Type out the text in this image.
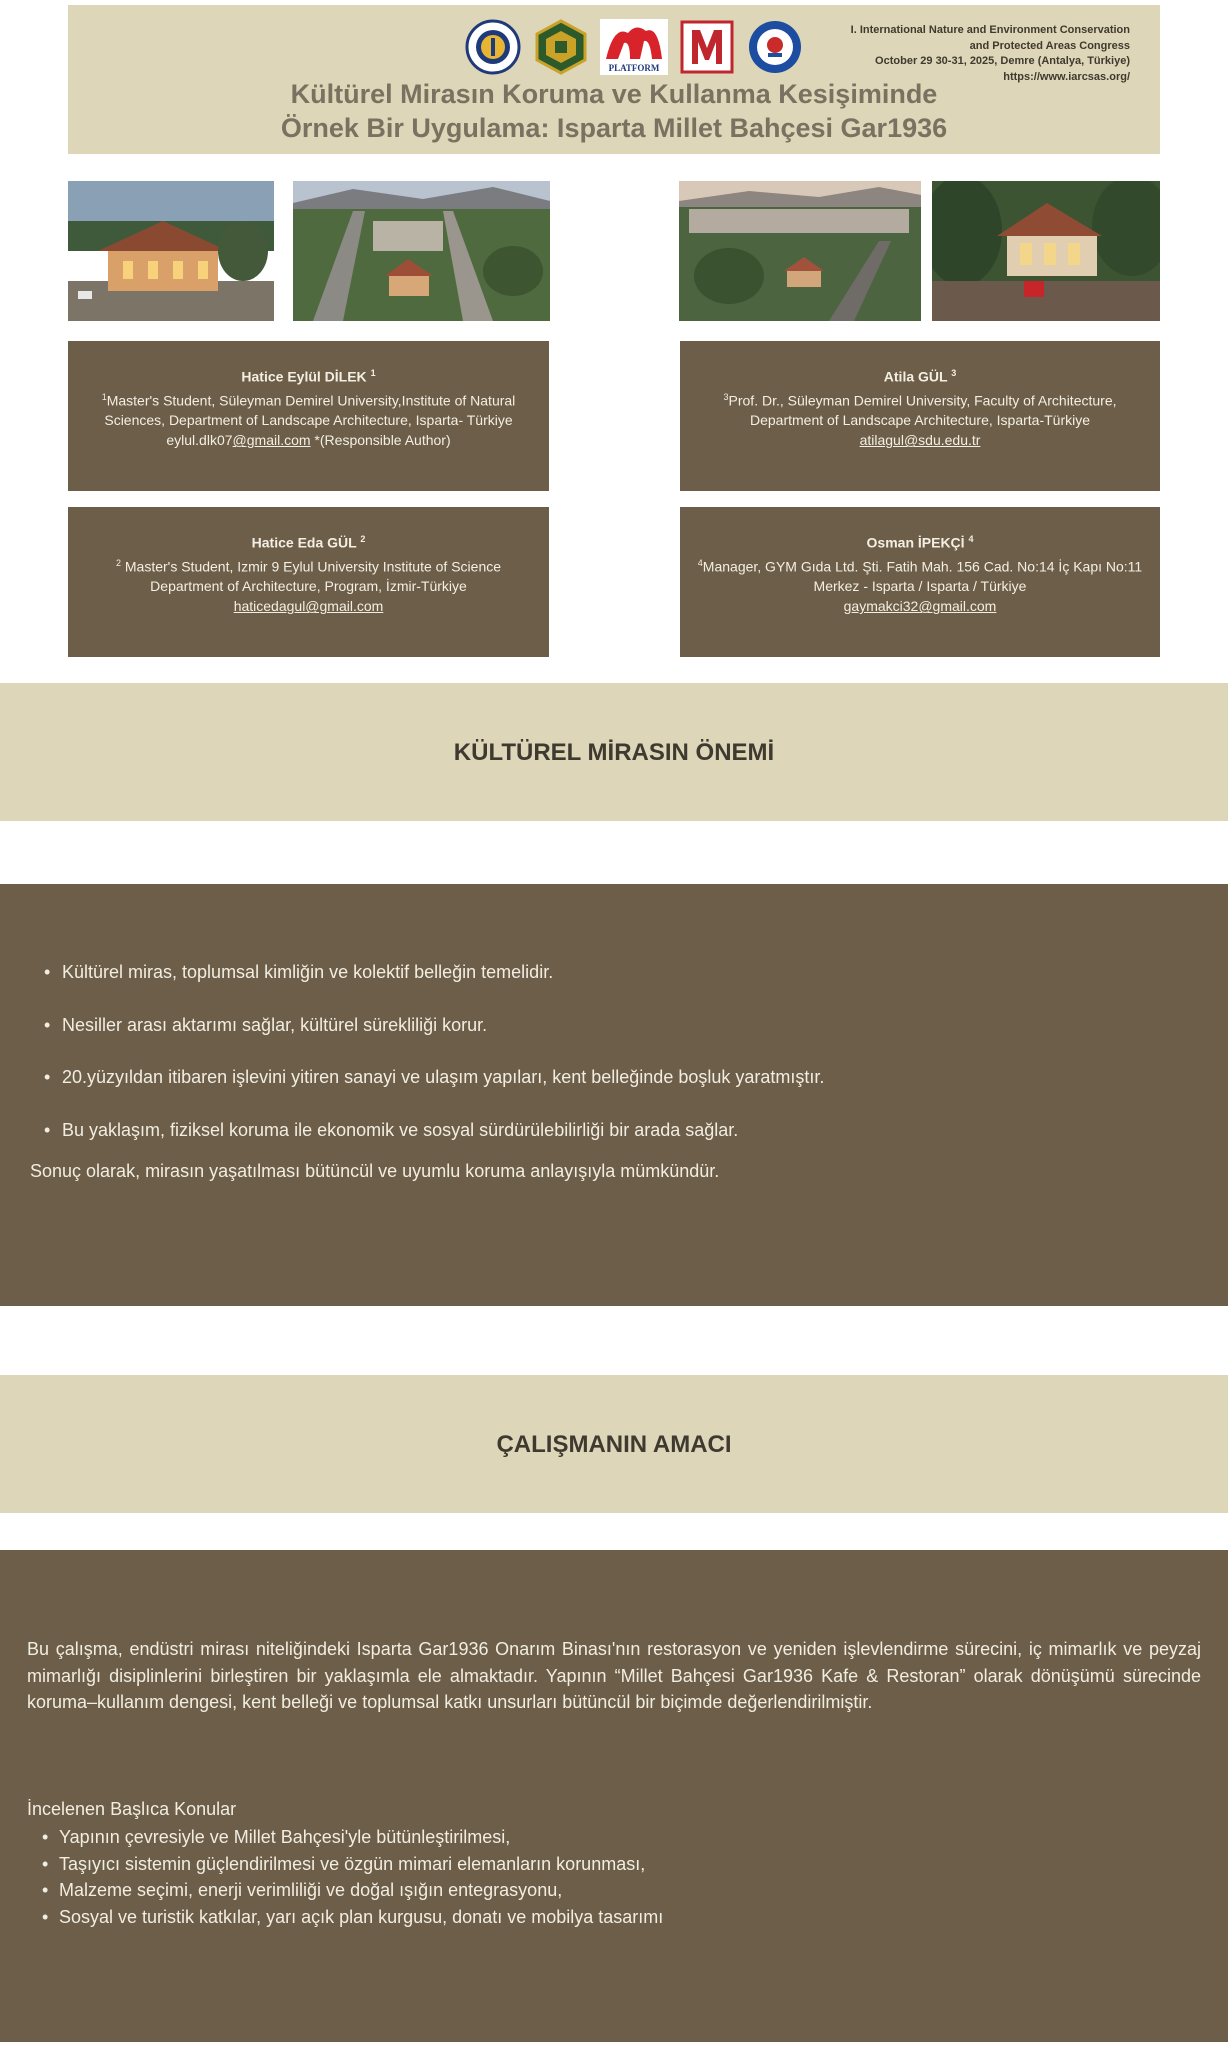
PLATFORM
I. International Nature and Environment Conservation
and Protected Areas Congress
October 29 30-31, 2025, Demre (Antalya, Türkiye)
https://www.iarcsas.org/
Kültürel Mirasın Koruma ve Kullanma Kesişiminde
Örnek Bir Uygulama: Isparta Millet Bahçesi Gar1936
Hatice Eylül DİLEK $^1$
$^1$Master's Student, Süleyman Demirel University,Institute of Natural Sciences, Department of Landscape Architecture, Isparta- Türkiye
eylul.dlk07@gmail.com *(Responsible Author)
Atila GÜL $^3$
$^3$Prof. Dr., Süleyman Demirel University, Faculty of Architecture, Department of Landscape Architecture, Isparta-Türkiye
atilagul@sdu.edu.tr
Hatice Eda GÜL $^2$
$^2$ Master's Student, Izmir 9 Eylul University Institute of Science Department of Architecture, Program, İzmir-Türkiye
haticedagul@gmail.com
Osman İPEKÇİ $^4$
$^4$Manager, GYM Gıda Ltd. Şti. Fatih Mah. 156 Cad. No:14 İç Kapı No:11 Merkez - Isparta / Isparta / Türkiye
gaymakci32@gmail.com
KÜLTÜREL MİRASIN ÖNEMİ
• Kültürel miras, toplumsal kimliğin ve kolektif belleğin temelidir.
• Nesiller arası aktarımı sağlar, kültürel sürekliliği korur.
• 20.yüzyıldan itibaren işlevini yitiren sanayi ve ulaşım yapıları, kent belleğinde boşluk yaratmıştır.
• Bu yaklaşım, fiziksel koruma ile ekonomik ve sosyal sürdürülebilirliği bir arada sağlar.
Sonuç olarak, mirasın yaşatılması bütüncül ve uyumlu koruma anlayışıyla mümkündür.
ÇALIŞMANIN AMACI
Bu çalışma, endüstri mirası niteliğindeki Isparta Gar1936 Onarım Binası'nın restorasyon ve yeniden işlevlendirme sürecini, iç mimarlık ve peyzaj mimarlığı disiplinlerini birleştiren bir yaklaşımla ele almaktadır. Yapının “Millet Bahçesi Gar1936 Kafe & Restoran” olarak dönüşümü sürecinde koruma–kullanım dengesi, kent belleği ve toplumsal katkı unsurları bütüncül bir biçimde değerlendirilmiştir.
İncelenen Başlıca Konular
• Yapının çevresiyle ve Millet Bahçesi'yle bütünleştirilmesi,
• Taşıyıcı sistemin güçlendirilmesi ve özgün mimari elemanların korunması,
• Malzeme seçimi, enerji verimliliği ve doğal ışığın entegrasyonu,
• Sosyal ve turistik katkılar, yarı açık plan kurgusu, donatı ve mobilya tasarımı
